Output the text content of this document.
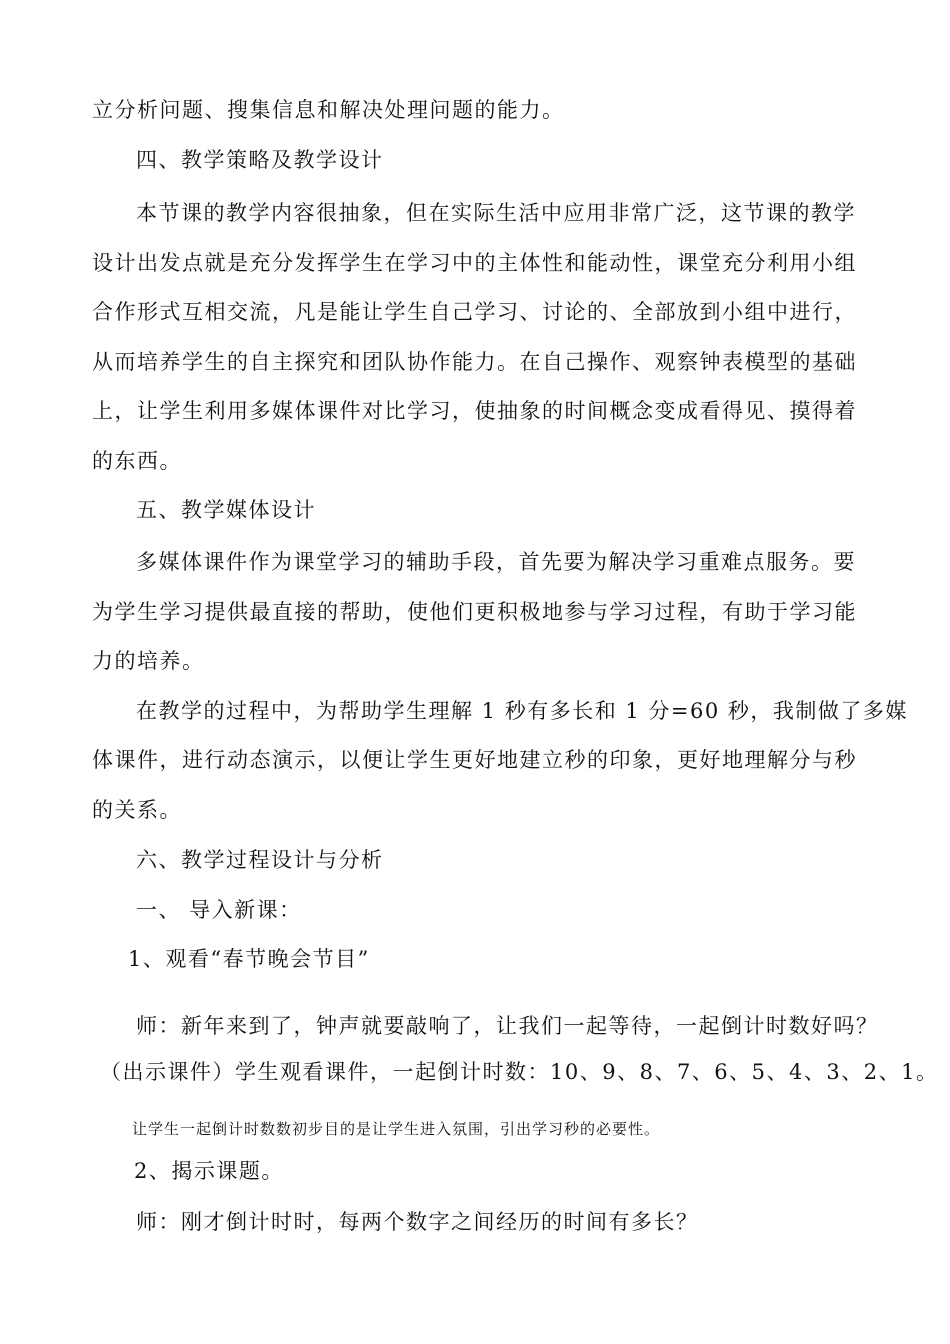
立分析问题、搜集信息和解决处理问题的能力。
四、教学策略及教学设计
本节课的教学内容很抽象，但在实际生活中应用非常广泛，这节课的教学
设计出发点就是充分发挥学生在学习中的主体性和能动性，课堂充分利用小组
合作形式互相交流，凡是能让学生自己学习、讨论的、全部放到小组中进行，
从而培养学生的自主探究和团队协作能力。在自己操作、观察钟表模型的基础
上，让学生利用多媒体课件对比学习，使抽象的时间概念变成看得见、摸得着
的东西。
五、教学媒体设计
多媒体课件作为课堂学习的辅助手段，首先要为解决学习重难点服务。要
为学生学习提供最直接的帮助，使他们更积极地参与学习过程，有助于学习能
力的培养。
在教学的过程中，为帮助学生理解 1 秒有多长和 1 分=60 秒，我制做了多媒
体课件，进行动态演示，以便让学生更好地建立秒的印象，更好地理解分与秒
的关系。
六、教学过程设计与分析
一、 导入新课：
1、观看“春节晚会节目”
师：新年来到了，钟声就要敲响了，让我们一起等待，一起倒计时数好吗？
（出示课件）学生观看课件，一起倒计时数：10、9、8、7、6、5、4、3、2、1。
让学生一起倒计时数数初步目的是让学生进入氛围，引出学习秒的必要性。
2、揭示课题。
师：刚才倒计时时，每两个数字之间经历的时间有多长？
